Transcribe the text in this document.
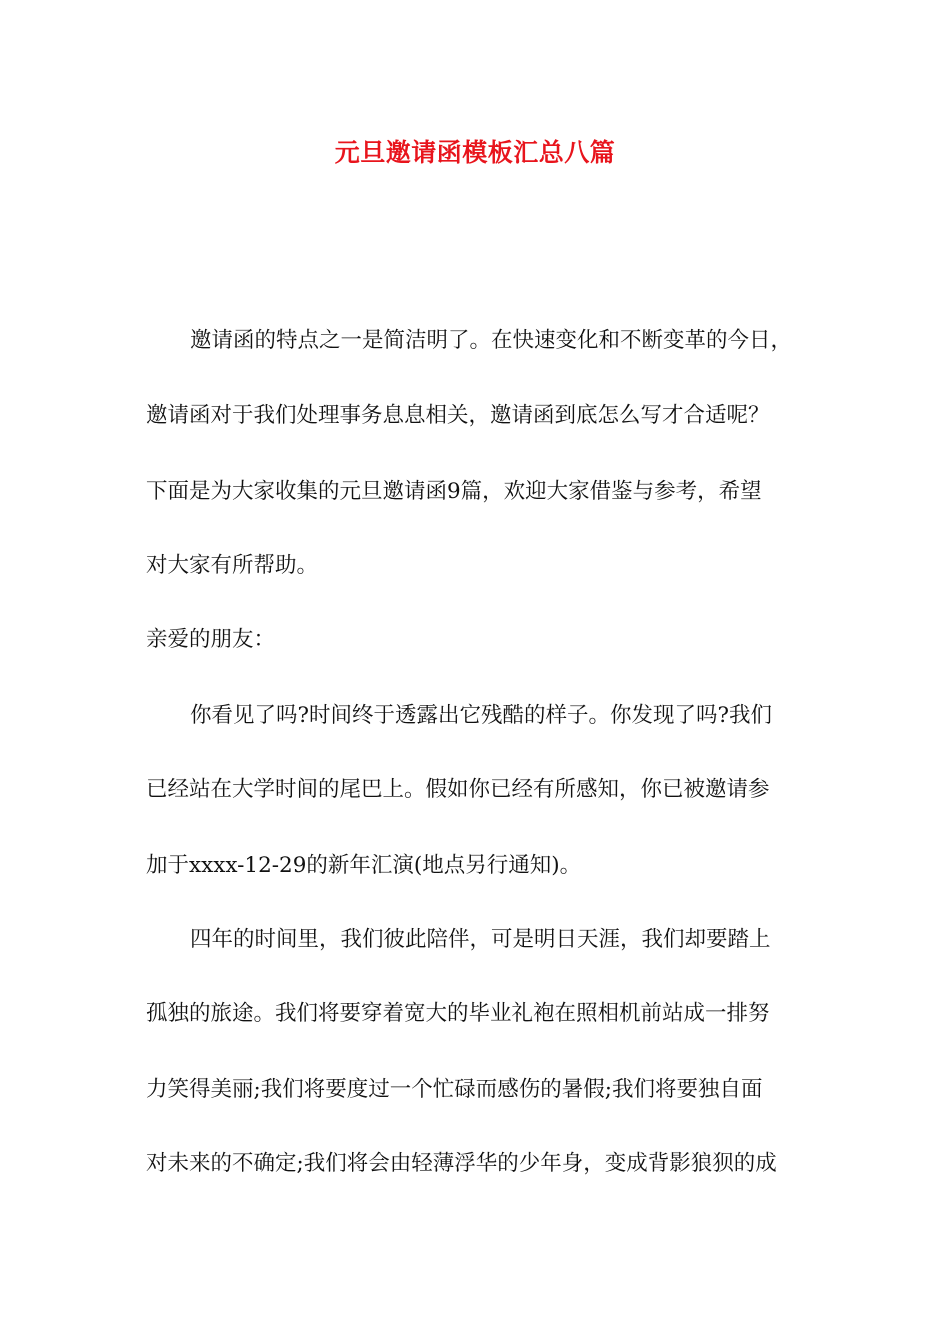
元旦邀请函模板汇总八篇
邀请函的特点之一是简洁明了。在快速变化和不断变革的今日，
邀请函对于我们处理事务息息相关，邀请函到底怎么写才合适呢？
下面是为大家收集的元旦邀请函9篇，欢迎大家借鉴与参考，希望
对大家有所帮助。
亲爱的朋友：
你看见了吗?时间终于透露出它残酷的样子。你发现了吗?我们
已经站在大学时间的尾巴上。假如你已经有所感知，你已被邀请参
加于xxxx-12-29的新年汇演(地点另行通知)。
四年的时间里，我们彼此陪伴，可是明日天涯，我们却要踏上
孤独的旅途。我们将要穿着宽大的毕业礼袍在照相机前站成一排努
力笑得美丽;我们将要度过一个忙碌而感伤的暑假;我们将要独自面
对未来的不确定;我们将会由轻薄浮华的少年身，变成背影狼狈的成
